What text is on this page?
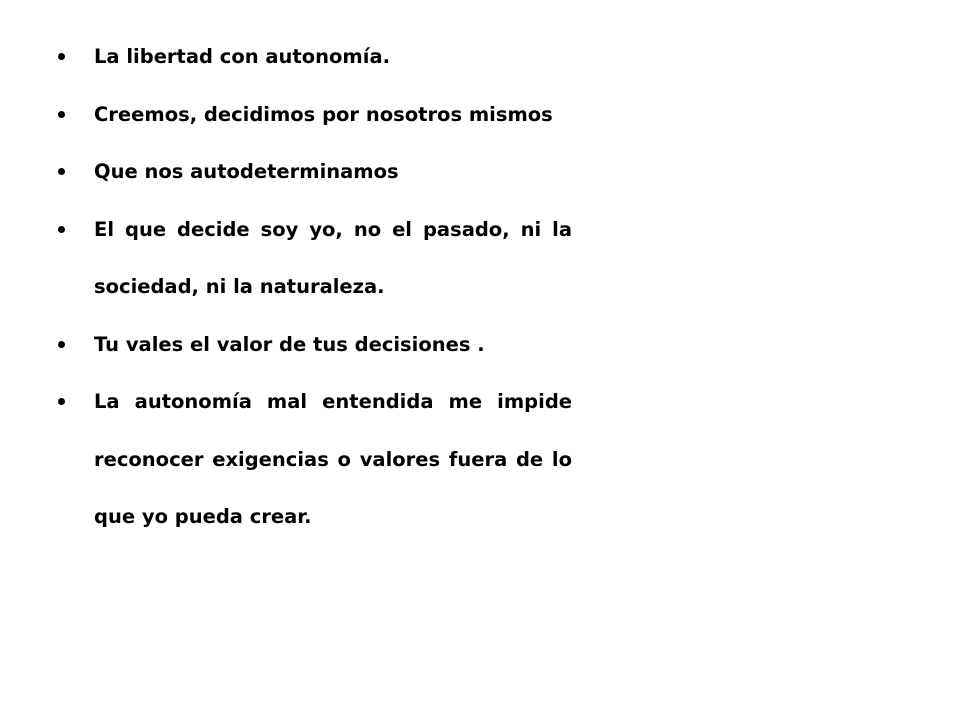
La libertad con autonomía.
Creemos, decidimos por nosotros mismos
Que nos autodeterminamos
El que decide soy yo, no el pasado, ni la sociedad, ni la naturaleza.
Tu vales el valor de tus decisiones .
La autonomía mal entendida me impide reconocer exigencias o valores fuera de lo que yo pueda crear.
